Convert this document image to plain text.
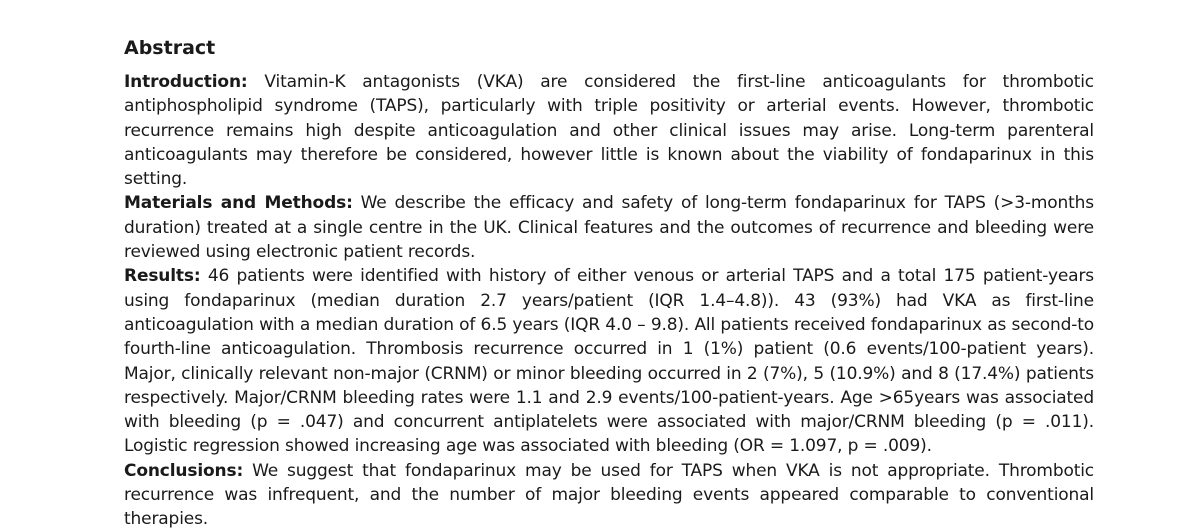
Abstract

Introduction: Vitamin-K antagonists (VKA) are considered the first-line anticoagulants for thrombotic antiphospholipid syndrome (TAPS), particularly with triple positivity or arterial events. However, thrombotic recurrence remains high despite anticoagulation and other clinical issues may arise. Long-term parenteral anticoagulants may therefore be considered, however little is known about the viability of fondaparinux in this setting.

Materials and Methods: We describe the efficacy and safety of long-term fondaparinux for TAPS (>3-months duration) treated at a single centre in the UK. Clinical features and the outcomes of recurrence and bleeding were reviewed using electronic patient records.

Results: 46 patients were identified with history of either venous or arterial TAPS and a total 175 patient-years using fondaparinux (median duration 2.7 years/patient (IQR 1.4–4.8)). 43 (93%) had VKA as first-line anticoagulation with a median duration of 6.5 years (IQR 4.0 – 9.8). All patients received fondaparinux as second-to fourth-line anticoagulation. Thrombosis recurrence occurred in 1 (1%) patient (0.6 events/100-patient years). Major, clinically relevant non-major (CRNM) or minor bleeding occurred in 2 (7%), 5 (10.9%) and 8 (17.4%) patients respectively. Major/CRNM bleeding rates were 1.1 and 2.9 events/100-patient-years. Age >65years was associated with bleeding (p = .047) and concurrent antiplatelets were associated with major/CRNM bleeding (p = .011). Logistic regression showed increasing age was associated with bleeding (OR = 1.097, p = .009).

Conclusions: We suggest that fondaparinux may be used for TAPS when VKA is not appropriate. Thrombotic recurrence was infrequent, and the number of major bleeding events appeared comparable to conventional therapies.
